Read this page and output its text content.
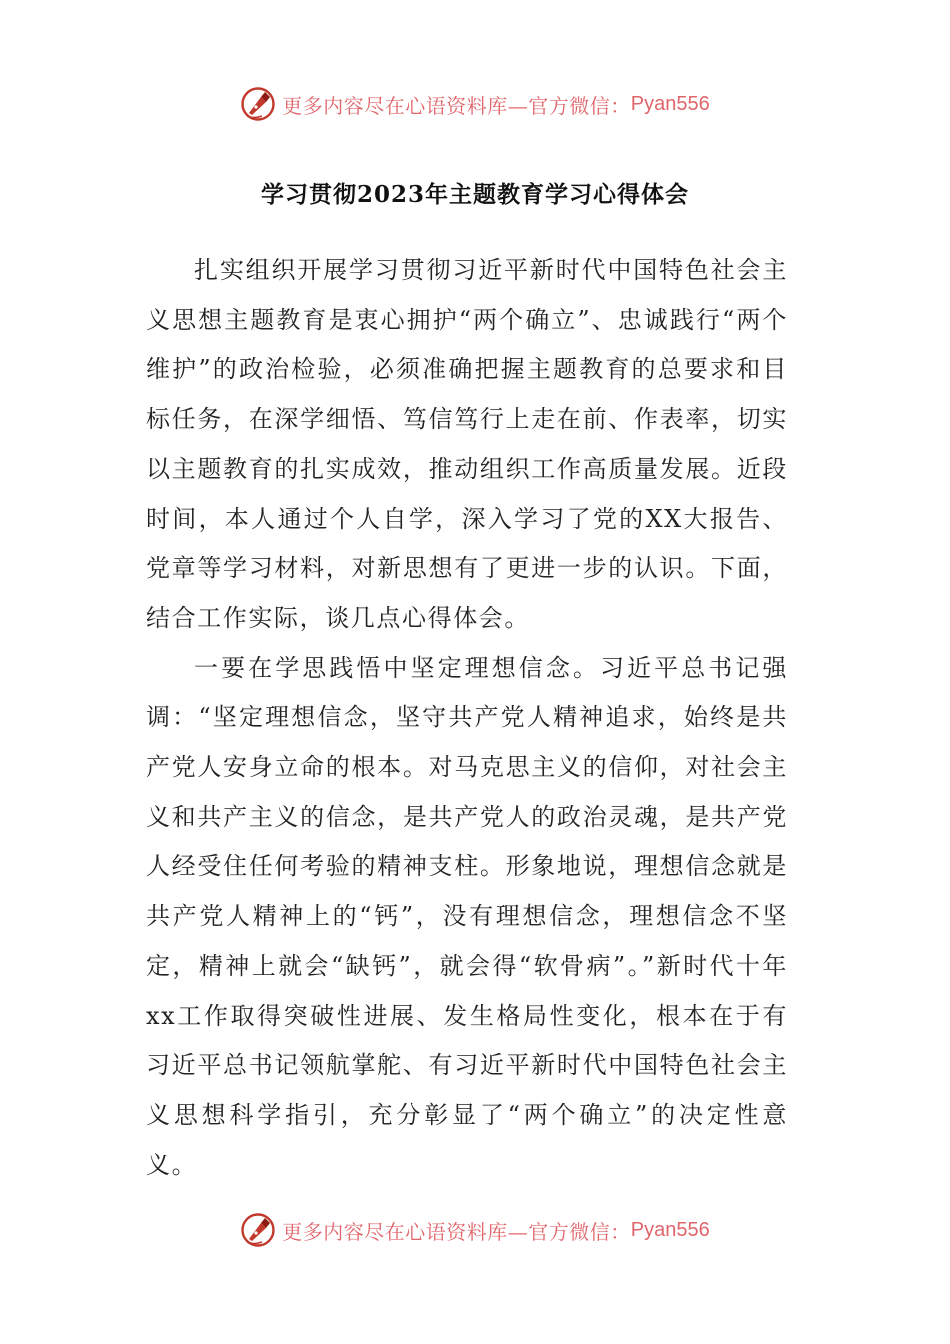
更多内容尽在心语资料库—官方微信： Pyan556
学习贯彻2023年主题教育学习心得体会

扎实组织开展学习贯彻习近平新时代中国特色社会主义思想主题教育是衷心拥护“两个确立”、忠诚践行“两个维护”的政治检验，必须准确把握主题教育的总要求和目标任务，在深学细悟、笃信笃行上走在前、作表率，切实以主题教育的扎实成效，推动组织工作高质量发展。近段时间，本人通过个人自学，深入学习了党的XX大报告、党章等学习材料，对新思想有了更进一步的认识。下面，结合工作实际，谈几点心得体会。

一要在学思践悟中坚定理想信念。习近平总书记强调：“坚定理想信念，坚守共产党人精神追求，始终是共产党人安身立命的根本。对马克思主义的信仰，对社会主义和共产主义的信念，是共产党人的政治灵魂，是共产党人经受住任何考验的精神支柱。形象地说，理想信念就是共产党人精神上的“钙”，没有理想信念，理想信念不坚定，精神上就会“缺钙”，就会得“软骨病”。”新时代十年xx工作取得突破性进展、发生格局性变化，根本在于有习近平总书记领航掌舵、有习近平新时代中国特色社会主义思想科学指引，充分彰显了“两个确立”的决定性意义。

更多内容尽在心语资料库—官方微信： Pyan556
